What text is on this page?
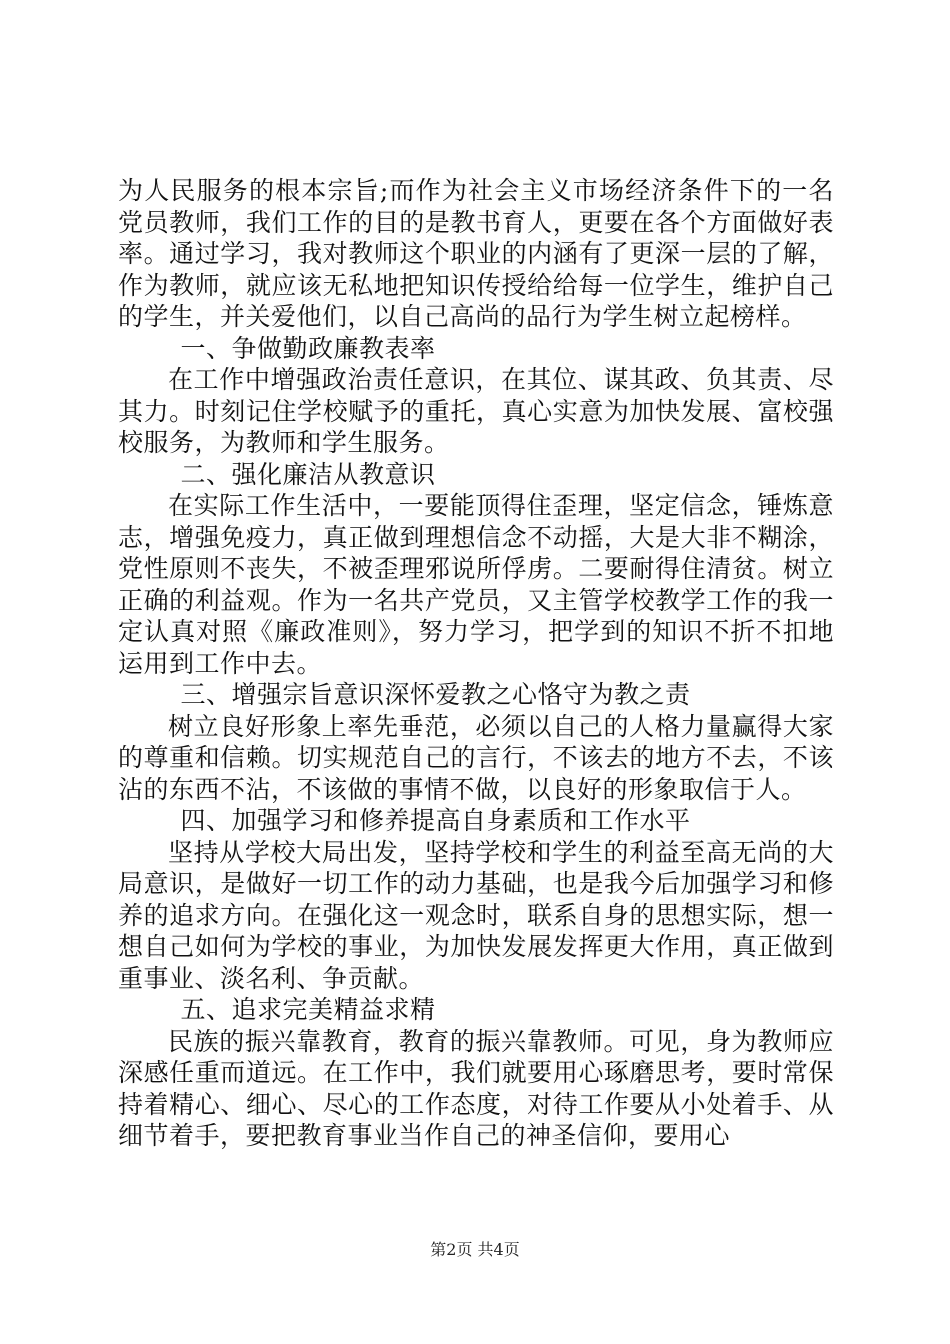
为人民服务的根本宗旨;而作为社会主义市场经济条件下的一名党员教师，我们工作的目的是教书育人，更要在各个方面做好表率。通过学习，我对教师这个职业的内涵有了更深一层的了解，作为教师，就应该无私地把知识传授给给每一位学生，维护自己的学生，并关爱他们，以自己高尚的品行为学生树立起榜样。

一、争做勤政廉教表率

在工作中增强政治责任意识，在其位、谋其政、负其责、尽其力。时刻记住学校赋予的重托，真心实意为加快发展、富校强校服务，为教师和学生服务。

二、强化廉洁从教意识

在实际工作生活中，一要能顶得住歪理，坚定信念，锤炼意志，增强免疫力，真正做到理想信念不动摇，大是大非不糊涂，党性原则不丧失，不被歪理邪说所俘虏。二要耐得住清贫。树立正确的利益观。作为一名共产党员，又主管学校教学工作的我一定认真对照《廉政准则》，努力学习，把学到的知识不折不扣地运用到工作中去。

三、增强宗旨意识深怀爱教之心恪守为教之责

树立良好形象上率先垂范，必须以自己的人格力量赢得大家的尊重和信赖。切实规范自己的言行，不该去的地方不去，不该沾的东西不沾，不该做的事情不做，以良好的形象取信于人。

四、加强学习和修养提高自身素质和工作水平

坚持从学校大局出发，坚持学校和学生的利益至高无尚的大局意识，是做好一切工作的动力基础，也是我今后加强学习和修养的追求方向。在强化这一观念时，联系自身的思想实际，想一想自己如何为学校的事业，为加快发展发挥更大作用，真正做到重事业、淡名利、争贡献。

五、追求完美精益求精

民族的振兴靠教育，教育的振兴靠教师。可见，身为教师应深感任重而道远。在工作中，我们就要用心琢磨思考，要时常保持着精心、细心、尽心的工作态度，对待工作要从小处着手、从细节着手，要把教育事业当作自己的神圣信仰，要用心

第2页 共4页
